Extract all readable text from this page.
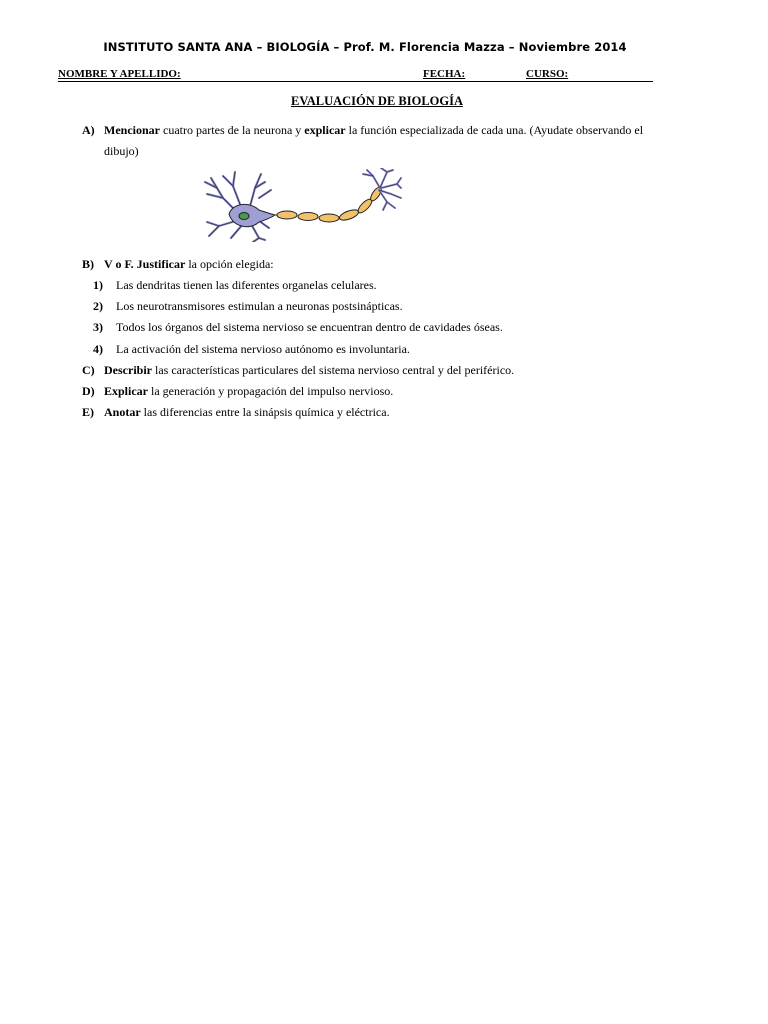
INSTITUTO SANTA ANA – BIOLOGÍA – Prof. M. Florencia Mazza – Noviembre 2014
NOMBRE Y APELLIDO:	FECHA:	CURSO:
EVALUACIÓN DE BIOLOGÍA
A) Mencionar cuatro partes de la neurona y explicar la función especializada de cada una. (Ayudate observando el
dibujo)
B) V o F. Justificar la opción elegida:
1) Las dendritas tienen las diferentes organelas celulares.
2) Los neurotransmisores estimulan a neuronas postsinápticas.
3) Todos los órganos del sistema nervioso se encuentran dentro de cavidades óseas.
4) La activación del sistema nervioso autónomo es involuntaria.
C) Describir las características particulares del sistema nervioso central y del periférico.
D) Explicar la generación y propagación del impulso nervioso.
E) Anotar las diferencias entre la sinápsis química y eléctrica.
